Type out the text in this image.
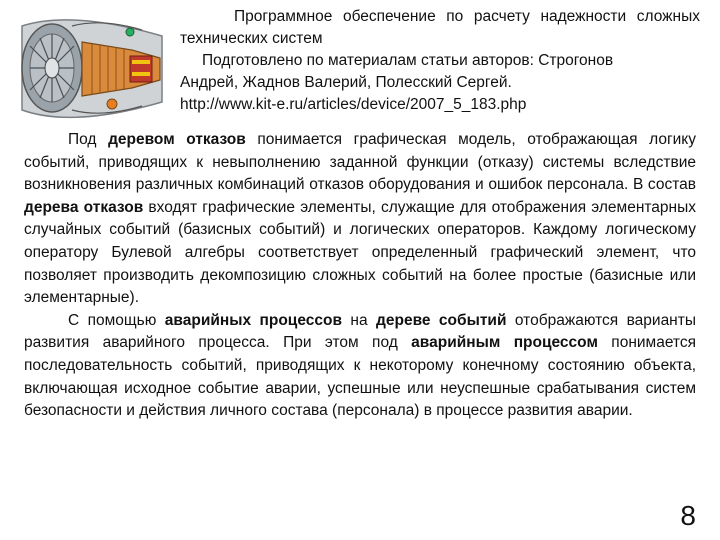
Программное обеспечение по расчету надежности сложных технических систем
Подготовлено по материалам статьи авторов: Строгонов
Андрей, Жаднов Валерий, Полесский Сергей.
http://www.kit-e.ru/articles/device/2007_5_183.php

Под деревом отказов понимается графическая модель, отображающая логику событий, приводящих к невыполнению заданной функции (отказу) системы вследствие возникновения различных комбинаций отказов оборудования и ошибок персонала. В состав дерева отказов входят графические элементы, служащие для отображения элементарных случайных событий (базисных событий) и логических операторов. Каждому логическому оператору Булевой алгебры соответствует определенный графический элемент, что позволяет производить декомпозицию сложных событий на более простые (базисные или элементарные).

С помощью аварийных процессов на дереве событий отображаются варианты развития аварийного процесса. При этом под аварийным процессом понимается последовательность событий, приводящих к некоторому конечному состоянию объекта, включающая исходное событие аварии, успешные или неуспешные срабатывания систем безопасности и действия личного состава (персонала) в процессе развития аварии.

8
